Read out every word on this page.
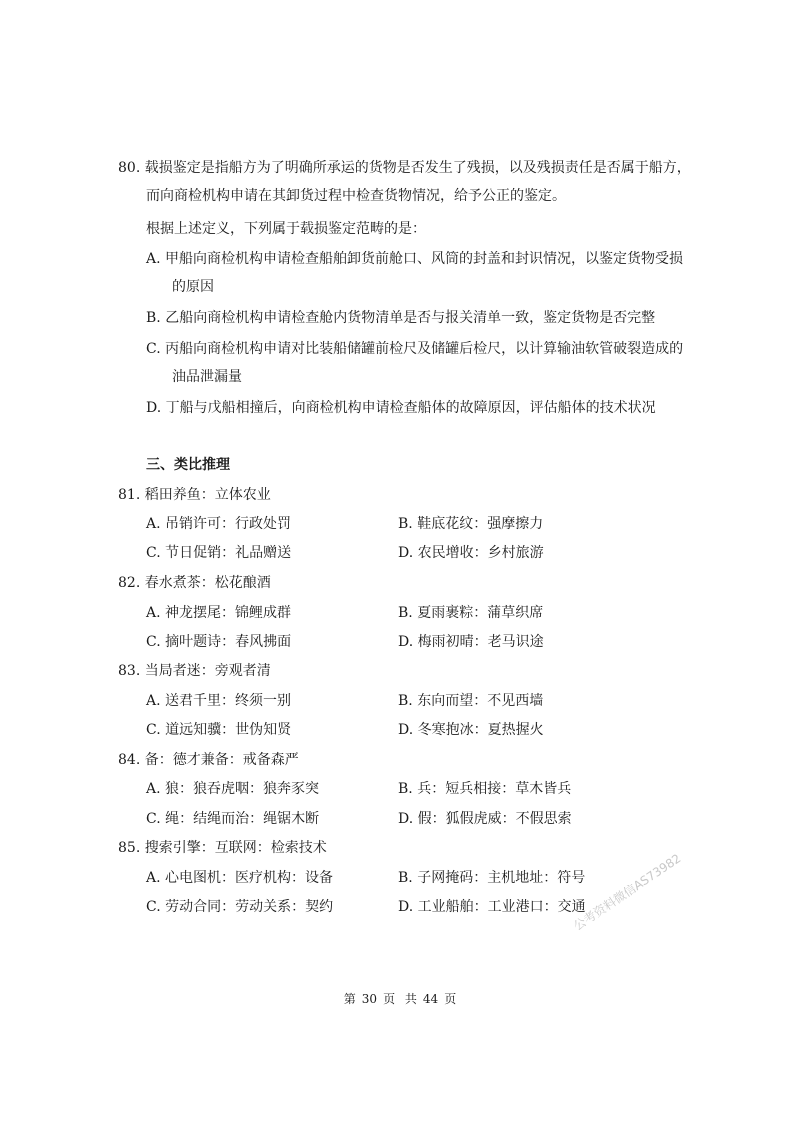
80. 载损鉴定是指船方为了明确所承运的货物是否发生了残损，以及残损责任是否属于船方，
而向商检机构申请在其卸货过程中检查货物情况，给予公正的鉴定。
根据上述定义，下列属于载损鉴定范畴的是：
A. 甲船向商检机构申请检查船舶卸货前舱口、风筒的封盖和封识情况，以鉴定货物受损
的原因
B. 乙船向商检机构申请检查舱内货物清单是否与报关清单一致，鉴定货物是否完整
C. 丙船向商检机构申请对比装船储罐前检尺及储罐后检尺，以计算输油软管破裂造成的
油品泄漏量
D. 丁船与戊船相撞后，向商检机构申请检查船体的故障原因，评估船体的技术状况
三、类比推理
81. 稻田养鱼：立体农业
A. 吊销许可：行政处罚	B. 鞋底花纹：强摩擦力
C. 节日促销：礼品赠送	D. 农民增收：乡村旅游
82. 春水煮茶：松花酿酒
A. 神龙摆尾：锦鲤成群	B. 夏雨裹粽：蒲草织席
C. 摘叶题诗：春风拂面	D. 梅雨初晴：老马识途
83. 当局者迷：旁观者清
A. 送君千里：终须一别	B. 东向而望：不见西墙
C. 道远知骥：世伪知贤	D. 冬寒抱冰：夏热握火
84. 备：德才兼备：戒备森严
A. 狼：狼吞虎咽：狼奔豕突	B. 兵：短兵相接：草木皆兵
C. 绳：结绳而治：绳锯木断	D. 假：狐假虎威：不假思索
85. 搜索引擎：互联网：检索技术
A. 心电图机：医疗机构：设备	B. 子网掩码：主机地址：符号
C. 劳动合同：劳动关系：契约	D. 工业船舶：工业港口：交通
公考资料微信AS73982
第 30 页 共 44 页
